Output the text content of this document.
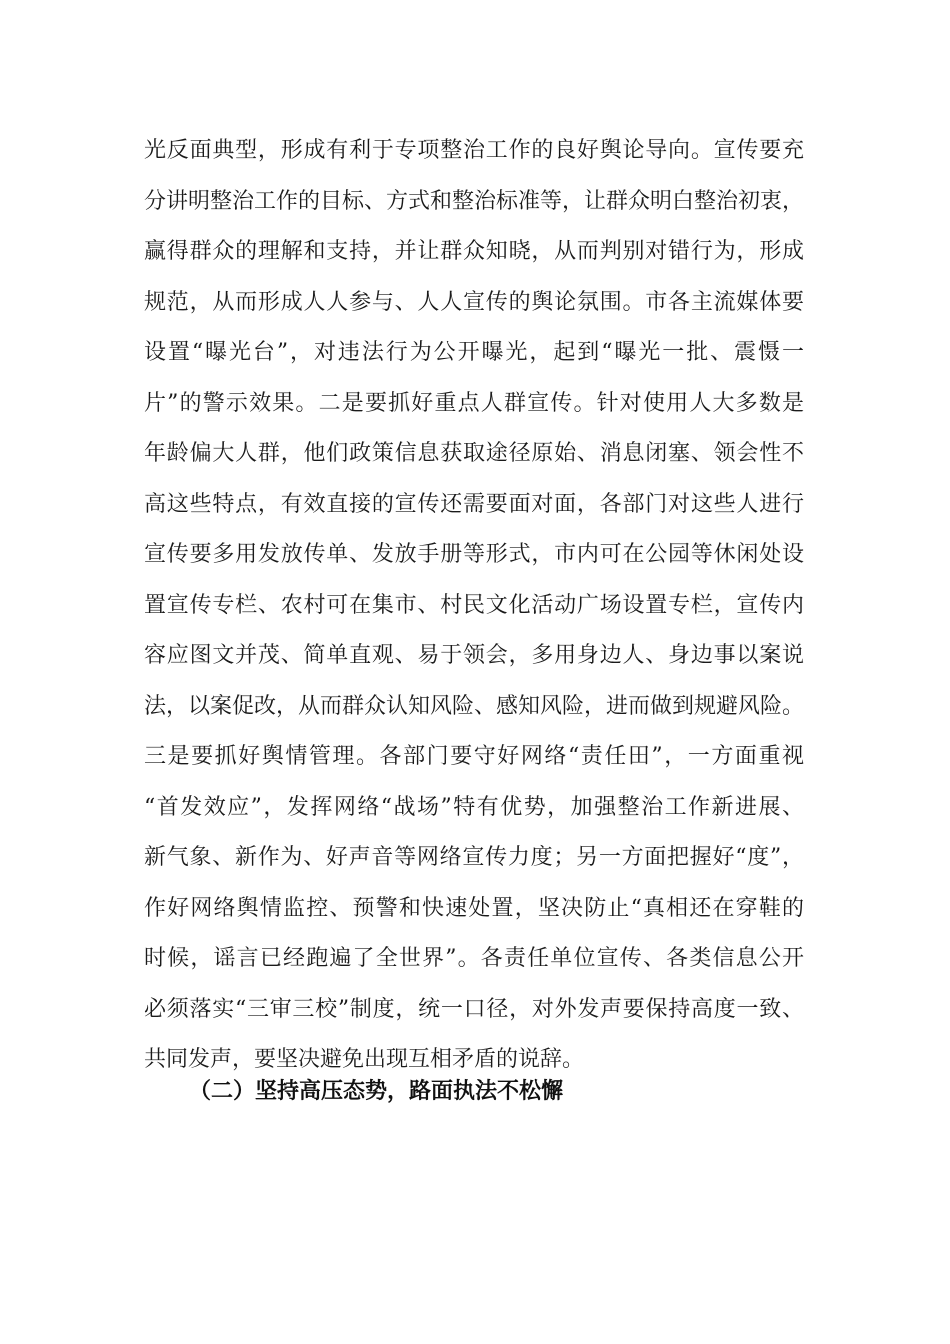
光反面典型，形成有利于专项整治工作的良好舆论导向。宣传要充
分讲明整治工作的目标、方式和整治标准等，让群众明白整治初衷，
赢得群众的理解和支持，并让群众知晓，从而判别对错行为，形成
规范，从而形成人人参与、人人宣传的舆论氛围。市各主流媒体要
设置“曝光台”，对违法行为公开曝光，起到“曝光一批、震慑一
片”的警示效果。二是要抓好重点人群宣传。针对使用人大多数是
年龄偏大人群，他们政策信息获取途径原始、消息闭塞、领会性不
高这些特点，有效直接的宣传还需要面对面，各部门对这些人进行
宣传要多用发放传单、发放手册等形式，市内可在公园等休闲处设
置宣传专栏、农村可在集市、村民文化活动广场设置专栏，宣传内
容应图文并茂、简单直观、易于领会，多用身边人、身边事以案说
法，以案促改，从而群众认知风险、感知风险，进而做到规避风险。
三是要抓好舆情管理。各部门要守好网络“责任田”，一方面重视
“首发效应”，发挥网络“战场”特有优势，加强整治工作新进展、
新气象、新作为、好声音等网络宣传力度；另一方面把握好“度”，
作好网络舆情监控、预警和快速处置，坚决防止“真相还在穿鞋的
时候，谣言已经跑遍了全世界”。各责任单位宣传、各类信息公开
必须落实“三审三校”制度，统一口径，对外发声要保持高度一致、
共同发声，要坚决避免出现互相矛盾的说辞。
（二）坚持高压态势，路面执法不松懈
